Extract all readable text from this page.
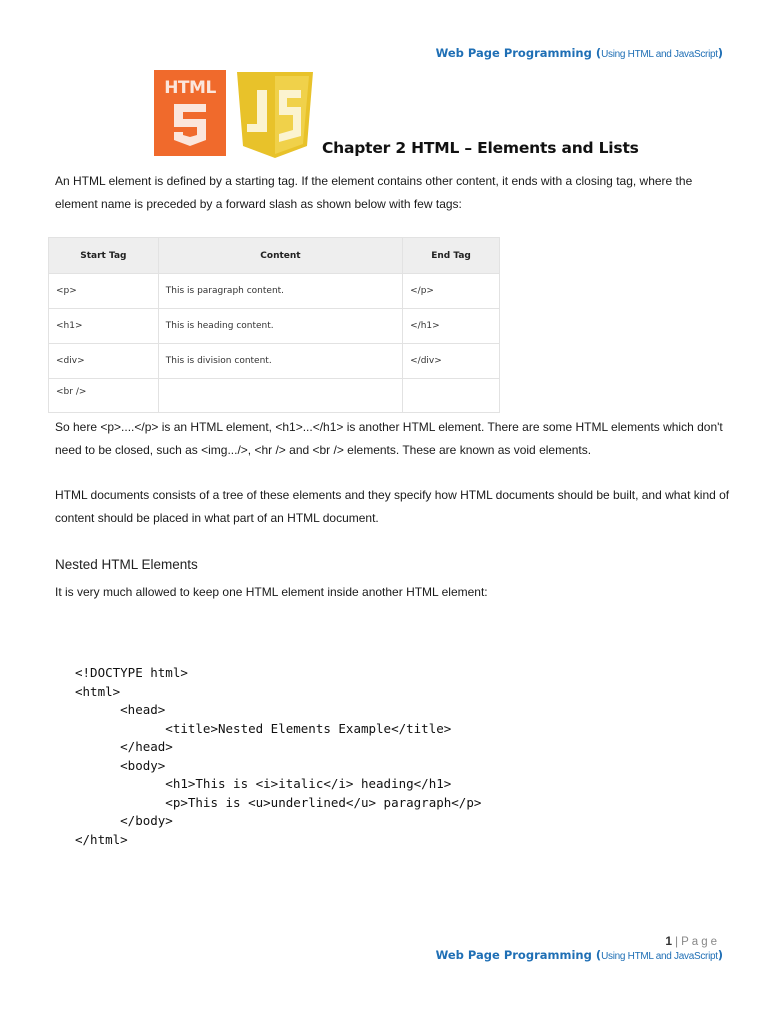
Web Page Programming (Using HTML and JavaScript)
HTML
Chapter 2 HTML – Elements and Lists

An HTML element is defined by a starting tag. If the element contains other content, it ends with a closing tag, where the element name is preceded by a forward slash as shown below with few tags:

Start Tag	Content	End Tag
<p>	This is paragraph content.	</p>
<h1>	This is heading content.	</h1>
<div>	This is division content.	</div>
<br />		

So here <p>....</p> is an HTML element, <h1>...</h1> is another HTML element. There are some HTML elements which don't need to be closed, such as <img.../>, <hr /> and <br /> elements. These are known as void elements.

HTML documents consists of a tree of these elements and they specify how HTML documents should be built, and what kind of content should be placed in what part of an HTML document.

Nested HTML Elements

It is very much allowed to keep one HTML element inside another HTML element:

<!DOCTYPE html>
<html>
<head>
<title>Nested Elements Example</title>
</head>
<body>
<h1>This is <i>italic</i> heading</h1>
<p>This is <u>underlined</u> paragraph</p>
</body>
</html>
1 | Page
Web Page Programming (Using HTML and JavaScript)
